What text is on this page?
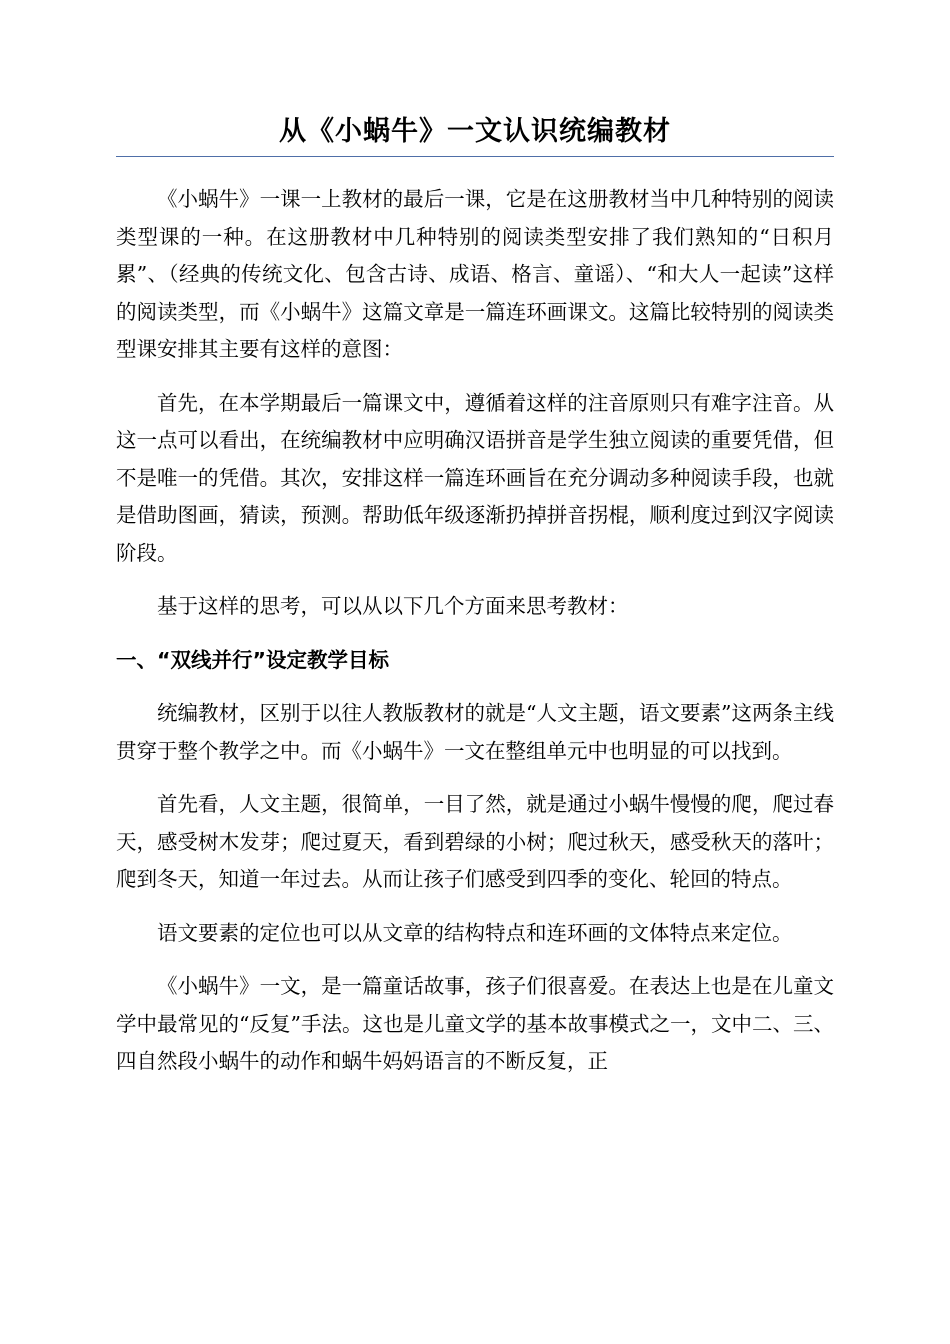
从《小蜗牛》一文认识统编教材

《小蜗牛》一课一上教材的最后一课，它是在这册教材当中几种特别的阅读类型课的一种。在这册教材中几种特别的阅读类型安排了我们熟知的“日积月累”、（经典的传统文化、包含古诗、成语、格言、童谣）、“和大人一起读”这样的阅读类型，而《小蜗牛》这篇文章是一篇连环画课文。这篇比较特别的阅读类型课安排其主要有这样的意图：

首先，在本学期最后一篇课文中，遵循着这样的注音原则只有难字注音。从这一点可以看出，在统编教材中应明确汉语拼音是学生独立阅读的重要凭借，但不是唯一的凭借。其次，安排这样一篇连环画旨在充分调动多种阅读手段，也就是借助图画，猜读，预测。帮助低年级逐渐扔掉拼音拐棍，顺利度过到汉字阅读阶段。

基于这样的思考，可以从以下几个方面来思考教材：

一、“双线并行”设定教学目标

统编教材，区别于以往人教版教材的就是“人文主题，语文要素”这两条主线贯穿于整个教学之中。而《小蜗牛》一文在整组单元中也明显的可以找到。

首先看，人文主题，很简单，一目了然，就是通过小蜗牛慢慢的爬，爬过春天，感受树木发芽；爬过夏天，看到碧绿的小树；爬过秋天，感受秋天的落叶；爬到冬天，知道一年过去。从而让孩子们感受到四季的变化、轮回的特点。

语文要素的定位也可以从文章的结构特点和连环画的文体特点来定位。

《小蜗牛》一文，是一篇童话故事，孩子们很喜爱。在表达上也是在儿童文学中最常见的“反复”手法。这也是儿童文学的基本故事模式之一，文中二、三、四自然段小蜗牛的动作和蜗牛妈妈语言的不断反复，正
